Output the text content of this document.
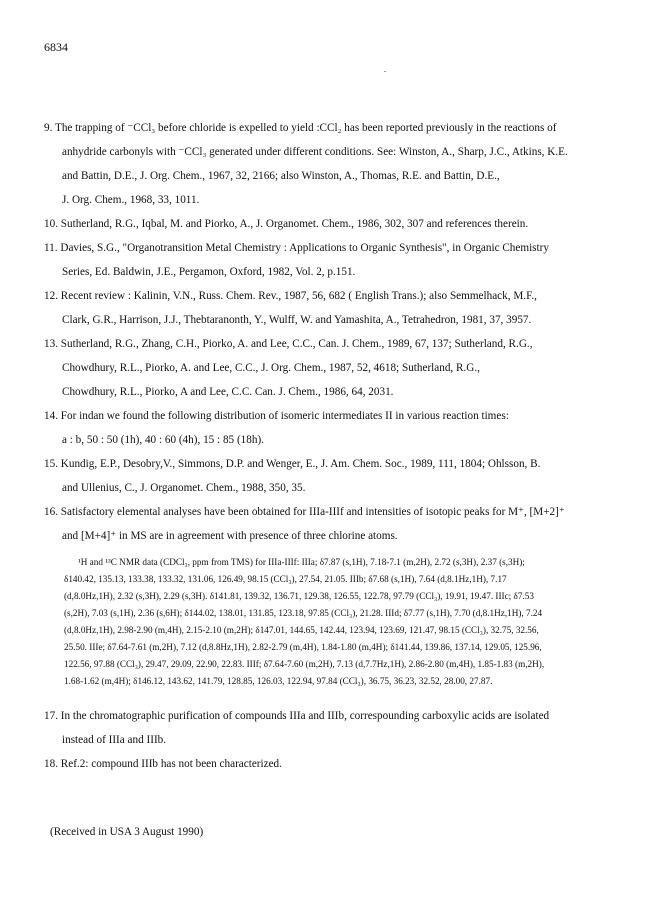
6834
9. The trapping of ⁻CCl₃ before chloride is expelled to yield :CCl₂ has been reported previously in the reactions of
anhydride carbonyls with ⁻CCl₃ generated under different conditions. See: Winston, A., Sharp, J.C., Atkins, K.E.
and Battin, D.E., J. Org. Chem., 1967, 32, 2166; also Winston, A., Thomas, R.E. and Battin, D.E.,
J. Org. Chem., 1968, 33, 1011.
10. Sutherland, R.G., Iqbal, M. and Piorko, A., J. Organomet. Chem., 1986, 302, 307 and references therein.
11. Davies, S.G., "Organotransition Metal Chemistry : Applications to Organic Synthesis", in Organic Chemistry
Series, Ed. Baldwin, J.E., Pergamon, Oxford, 1982, Vol. 2, p.151.
12. Recent review : Kalinin, V.N., Russ. Chem. Rev., 1987, 56, 682 ( English Trans.); also Semmelhack, M.F.,
Clark, G.R., Harrison, J.J., Thebtaranonth, Y., Wulff, W. and Yamashita, A., Tetrahedron, 1981, 37, 3957.
13. Sutherland, R.G., Zhang, C.H., Piorko, A. and Lee, C.C., Can. J. Chem., 1989, 67, 137; Sutherland, R.G.,
Chowdhury, R.L., Piorko, A. and Lee, C.C., J. Org. Chem., 1987, 52, 4618; Sutherland, R.G.,
Chowdhury, R.L., Piorko, A and Lee, C.C. Can. J. Chem., 1986, 64, 2031.
14. For indan we found the following distribution of isomeric intermediates II in various reaction times:
a : b, 50 : 50 (1h), 40 : 60 (4h), 15 : 85 (18h).
15. Kundig, E.P., Desobry,V., Simmons, D.P. and Wenger, E., J. Am. Chem. Soc., 1989, 111, 1804; Ohlsson, B.
and Ullenius, C., J. Organomet. Chem., 1988, 350, 35.
16. Satisfactory elemental analyses have been obtained for IIIa-IIIf and intensities of isotopic peaks for M⁺, [M+2]⁺
and [M+4]⁺ in MS are in agreement with presence of three chlorine atoms.
¹H and ¹³C NMR data (CDCl₃, ppm from TMS) for IIIa-IIIf: IIIa; δ7.87 (s,1H), 7.18-7.1 (m,2H), 2.72 (s,3H), 2.37 (s,3H);
δ140.42, 135.13, 133.38, 133.32, 131.06, 126.49, 98.15 (CCl₃), 27.54, 21.05. IIIb; δ7.68 (s,1H), 7.64 (d,8.1Hz,1H), 7.17
(d,8.0Hz,1H), 2.32 (s,3H), 2.29 (s,3H). δ141.81, 139.32, 136.71, 129.38, 126.55, 122.78, 97.79 (CCl₃), 19.91, 19.47. IIIc; δ7.53
(s,2H), 7.03 (s,1H), 2.36 (s,6H); δ144.02, 138.01, 131.85, 123.18, 97.85 (CCl₃), 21.28. IIId; δ7.77 (s,1H), 7.70 (d,8.1Hz,1H), 7.24
(d,8.0Hz,1H), 2.98-2.90 (m,4H), 2.15-2.10 (m,2H); δ147.01, 144.65, 142.44, 123.94, 123.69, 121.47, 98.15 (CCl₃), 32.75, 32.56,
25.50. IIIe; δ7.64-7.61 (m,2H), 7.12 (d,8.8Hz,1H), 2.82-2.79 (m,4H), 1.84-1.80 (m,4H); δ141.44, 139.86, 137.14, 129.05, 125.96,
122.56, 97.88 (CCl₃), 29.47, 29.09, 22.90, 22.83. IIIf; δ7.64-7.60 (m,2H), 7.13 (d,7.7Hz,1H), 2.86-2.80 (m,4H), 1.85-1.83 (m,2H),
1.68-1.62 (m,4H); δ146.12, 143.62, 141.79, 128.85, 126.03, 122.94, 97.84 (CCl₃), 36.75, 36.23, 32.52, 28.00, 27.87.
17. In the chromatographic purification of compounds IIIa and IIIb, correspounding carboxylic acids are isolated
instead of IIIa and IIIb.
18. Ref.2: compound IIIb has not been characterized.
(Received in USA 3 August 1990)
